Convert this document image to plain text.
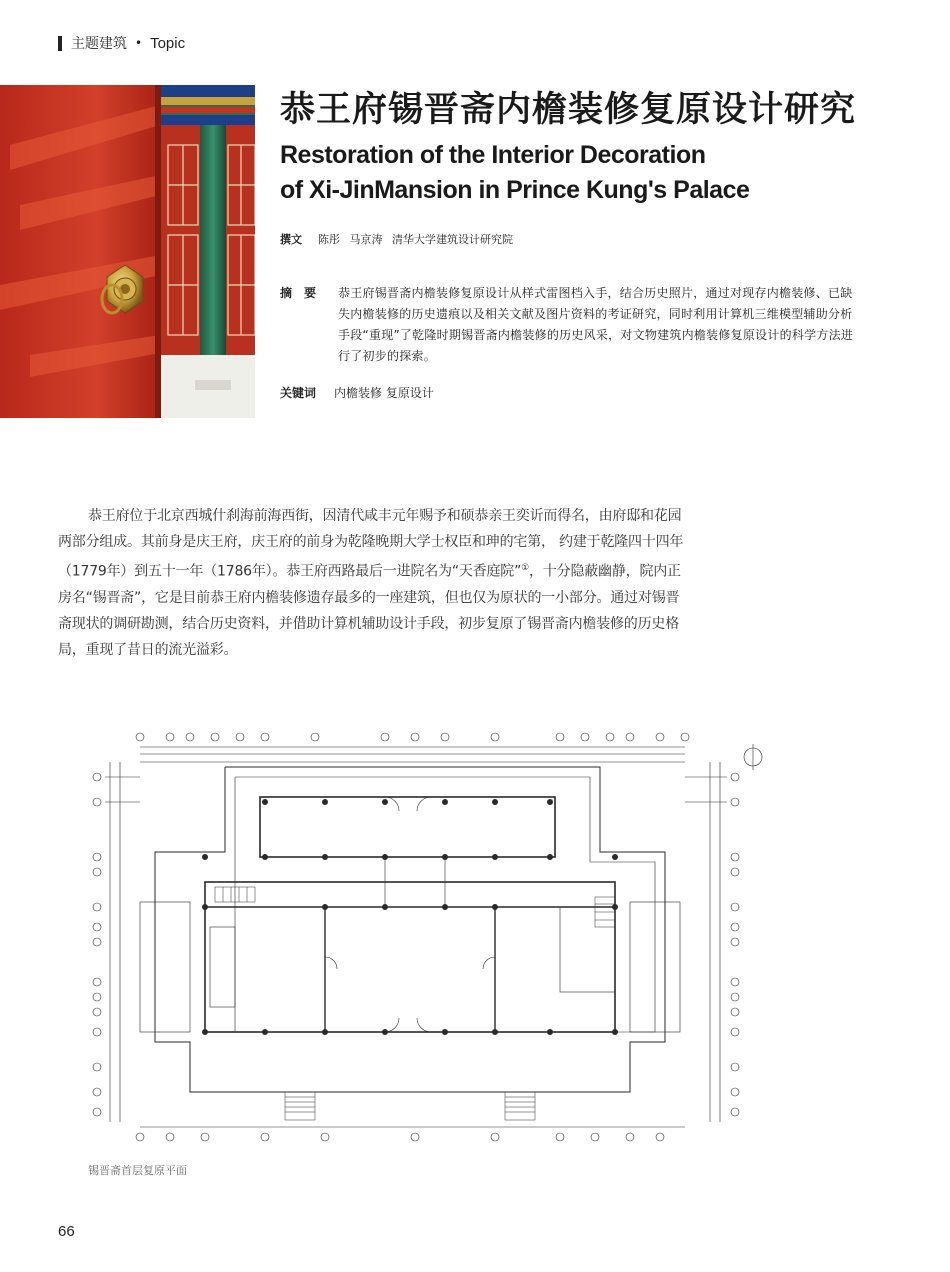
主题建筑 • Topic
恭王府锡晋斋内檐装修复原设计研究
Restoration of the Interior Decoration
of Xi-JinMansion in Prince Kung's Palace
撰文 陈彤 马京涛 清华大学建筑设计研究院
摘 要	恭王府锡晋斋内檐装修复原设计从样式雷图档入手，结合历史照片，通过对现存内檐装修、已缺失内檐装修的历史遗痕以及相关文献及图片资料的考证研究，同时利用计算机三维模型辅助分析手段“重现”了乾隆时期锡晋斋内檐装修的历史风采，对文物建筑内檐装修复原设计的科学方法进行了初步的探索。
关键词 内檐装修 复原设计

恭王府位于北京西城什刹海前海西街，因清代咸丰元年赐予和硕恭亲王奕䜣而得名，由府邸和花园两部分组成。其前身是庆王府，庆王府的前身为乾隆晚期大学士权臣和珅的宅第， 约建于乾隆四十四年（1779年）到五十一年（1786年）。恭王府西路最后一进院名为“天香庭院”①，十分隐蔽幽静，院内正房名“锡晋斋”，它是目前恭王府内檐装修遗存最多的一座建筑，但也仅为原状的一小部分。通过对锡晋斋现状的调研勘测，结合历史资料，并借助计算机辅助设计手段，初步复原了锡晋斋内檐装修的历史格局，重现了昔日的流光溢彩。

锡晋斋首层复原平面
66
